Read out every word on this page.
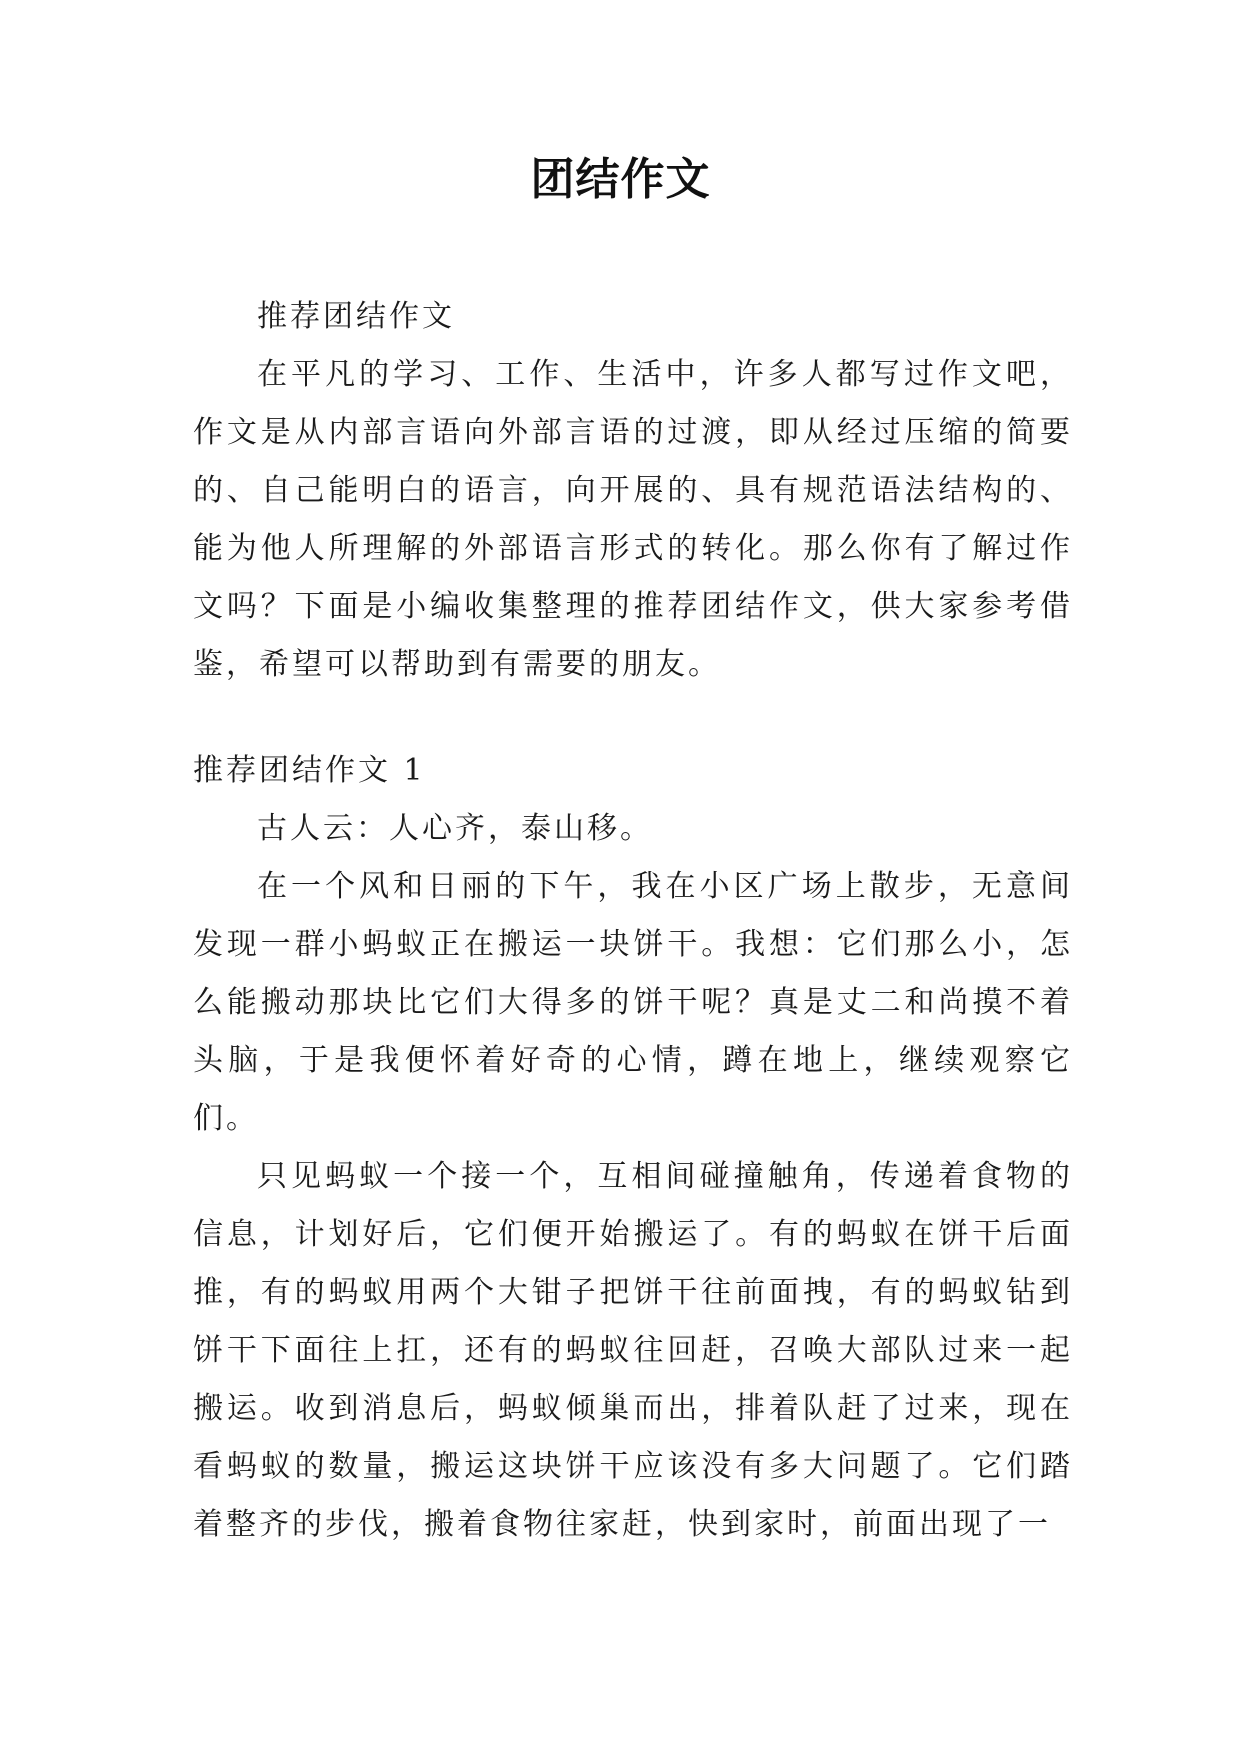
团结作文

推荐团结作文

在平凡的学习、工作、生活中，许多人都写过作文吧，作文是从内部言语向外部言语的过渡，即从经过压缩的简要的、自己能明白的语言，向开展的、具有规范语法结构的、能为他人所理解的外部语言形式的转化。那么你有了解过作文吗？下面是小编收集整理的推荐团结作文，供大家参考借鉴，希望可以帮助到有需要的朋友。

推荐团结作文 1

古人云：人心齐，泰山移。

在一个风和日丽的下午，我在小区广场上散步，无意间发现一群小蚂蚁正在搬运一块饼干。我想：它们那么小，怎么能搬动那块比它们大得多的饼干呢？真是丈二和尚摸不着头脑，于是我便怀着好奇的心情，蹲在地上，继续观察它们。

只见蚂蚁一个接一个，互相间碰撞触角，传递着食物的信息，计划好后，它们便开始搬运了。有的蚂蚁在饼干后面推，有的蚂蚁用两个大钳子把饼干往前面拽，有的蚂蚁钻到饼干下面往上扛，还有的蚂蚁往回赶，召唤大部队过来一起搬运。收到消息后，蚂蚁倾巢而出，排着队赶了过来，现在看蚂蚁的数量，搬运这块饼干应该没有多大问题了。它们踏着整齐的步伐，搬着食物往家赶，快到家时，前面出现了一
